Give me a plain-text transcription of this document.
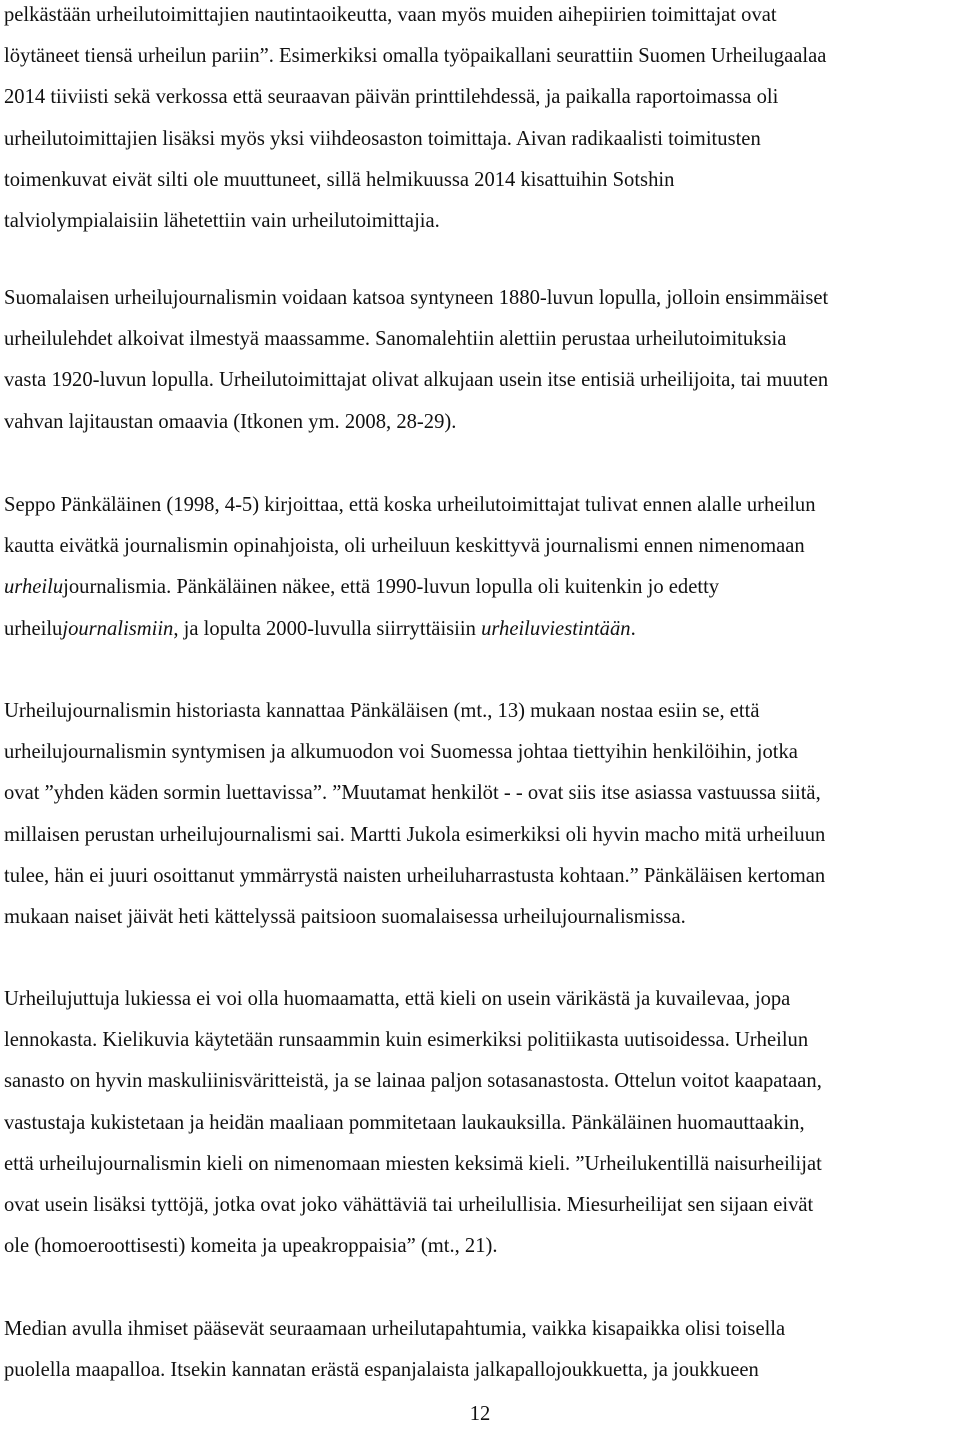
pelkästään urheilutoimittajien nautintaoikeutta, vaan myös muiden aihepiirien toimittajat ovat
löytäneet tiensä urheilun pariin”. Esimerkiksi omalla työpaikallani seurattiin Suomen Urheilugaalaa
2014 tiiviisti sekä verkossa että seuraavan päivän printtilehdessä, ja paikalla raportoimassa oli
urheilutoimittajien lisäksi myös yksi viihdeosaston toimittaja. Aivan radikaalisti toimitusten
toimenkuvat eivät silti ole muuttuneet, sillä helmikuussa 2014 kisattuihin Sotshin
talviolympialaisiin lähetettiin vain urheilutoimittajia.
Suomalaisen urheilujournalismin voidaan katsoa syntyneen 1880-luvun lopulla, jolloin ensimmäiset
urheilulehdet alkoivat ilmestyä maassamme. Sanomalehtiin alettiin perustaa urheilutoimituksia
vasta 1920-luvun lopulla. Urheilutoimittajat olivat alkujaan usein itse entisiä urheilijoita, tai muuten
vahvan lajitaustan omaavia (Itkonen ym. 2008, 28-29).
Seppo Pänkäläinen (1998, 4-5) kirjoittaa, että koska urheilutoimittajat tulivat ennen alalle urheilun
kautta eivätkä journalismin opinahjoista, oli urheiluun keskittyvä journalismi ennen nimenomaan
urheilujournalismia. Pänkäläinen näkee, että 1990-luvun lopulla oli kuitenkin jo edetty
urheilujournalismiin, ja lopulta 2000-luvulla siirryttäisiin urheiluviestintään.
Urheilujournalismin historiasta kannattaa Pänkäläisen (mt., 13) mukaan nostaa esiin se, että
urheilujournalismin syntymisen ja alkumuodon voi Suomessa johtaa tiettyihin henkilöihin, jotka
ovat ”yhden käden sormin luettavissa”. ”Muutamat henkilöt - - ovat siis itse asiassa vastuussa siitä,
millaisen perustan urheilujournalismi sai. Martti Jukola esimerkiksi oli hyvin macho mitä urheiluun
tulee, hän ei juuri osoittanut ymmärrystä naisten urheiluharrastusta kohtaan.” Pänkäläisen kertoman
mukaan naiset jäivät heti kättelyssä paitsioon suomalaisessa urheilujournalismissa.
Urheilujuttuja lukiessa ei voi olla huomaamatta, että kieli on usein värikästä ja kuvailevaa, jopa
lennokasta. Kielikuvia käytetään runsaammin kuin esimerkiksi politiikasta uutisoidessa. Urheilun
sanasto on hyvin maskuliinisväritteistä, ja se lainaa paljon sotasanastosta. Ottelun voitot kaapataan,
vastustaja kukistetaan ja heidän maaliaan pommitetaan laukauksilla. Pänkäläinen huomauttaakin,
että urheilujournalismin kieli on nimenomaan miesten keksimä kieli. ”Urheilukentillä naisurheilijat
ovat usein lisäksi tyttöjä, jotka ovat joko vähättäviä tai urheilullisia. Miesurheilijat sen sijaan eivät
ole (homoeroottisesti) komeita ja upeakroppaisia” (mt., 21).
Median avulla ihmiset pääsevät seuraamaan urheilutapahtumia, vaikka kisapaikka olisi toisella
puolella maapalloa. Itsekin kannatan erästä espanjalaista jalkapallojoukkuetta, ja joukkueen
12
